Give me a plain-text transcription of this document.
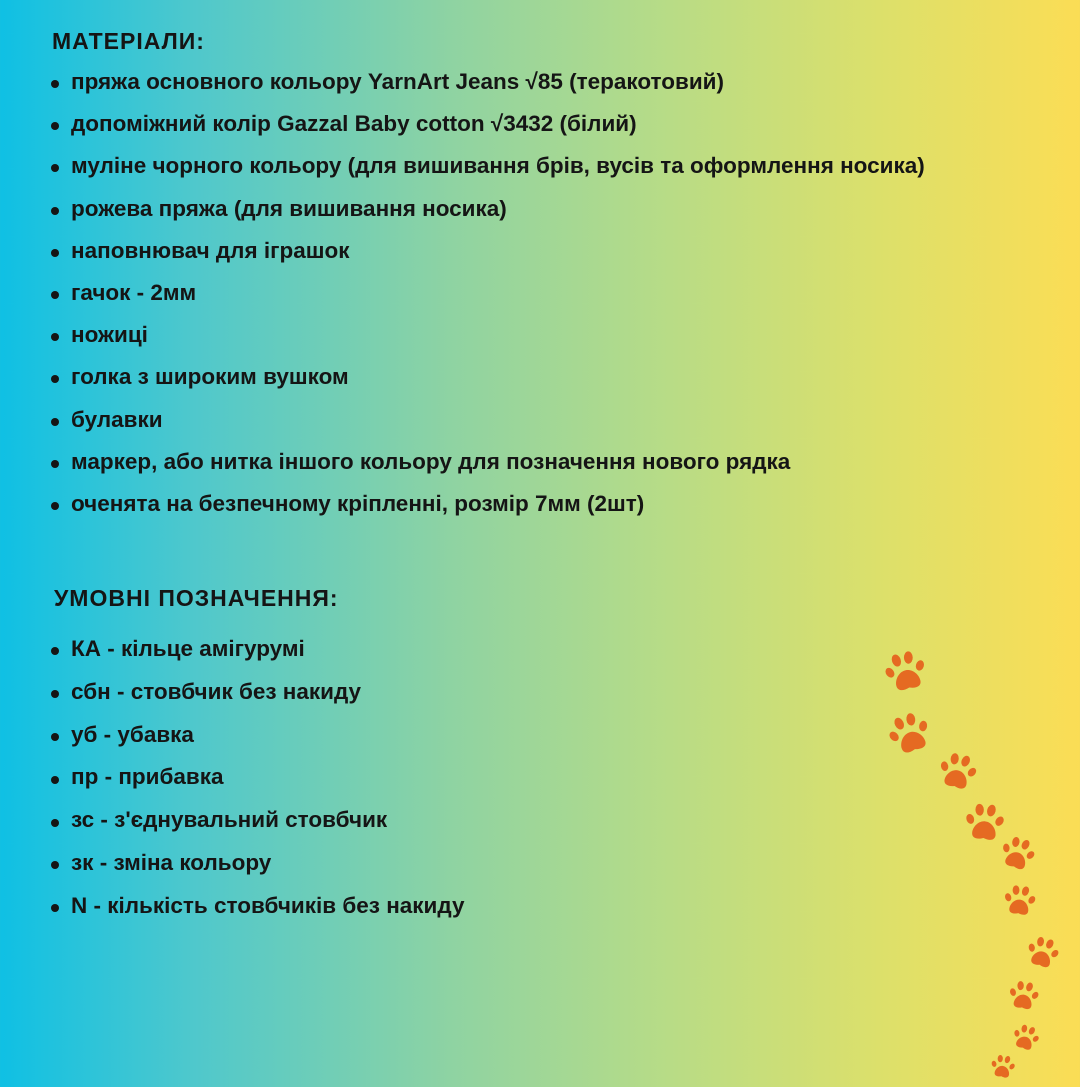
МАТЕРІАЛИ:
пряжа основного кольору YarnArt Jeans √85 (теракотовий)
допоміжний колір Gazzal Baby cotton √3432 (білий)
муліне чорного кольору (для вишивання брів, вусів та оформлення носика)
рожева пряжа (для вишивання носика)
наповнювач для іграшок
гачок - 2мм
ножиці
голка з широким вушком
булавки
маркер, або нитка іншого кольору для позначення нового рядка
оченята на безпечному кріпленні, розмір 7мм (2шт)
УМОВНІ ПОЗНАЧЕННЯ:
КА - кільце амігурумі
сбн - стовбчик без накиду
уб - убавка
пр - прибавка
зс - з'єднувальний стовбчик
зк - зміна кольору
N - кількість стовбчиків без накиду
